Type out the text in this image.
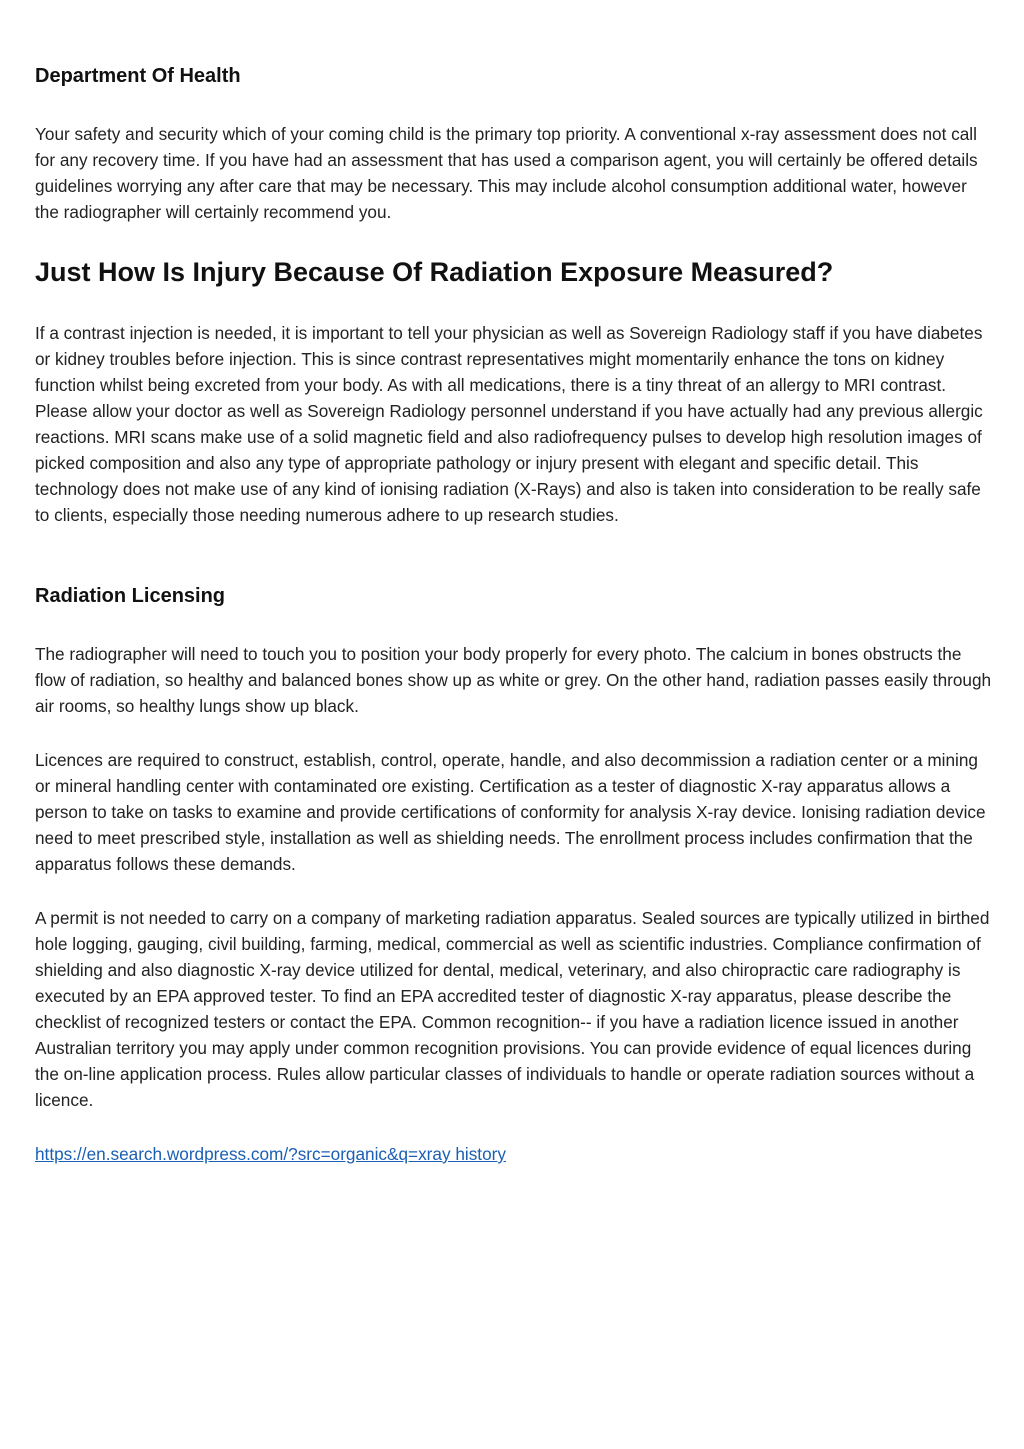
Department Of Health

Your safety and security which of your coming child is the primary top priority. A conventional x-ray assessment does not call for any recovery time. If you have had an assessment that has used a comparison agent, you will certainly be offered details guidelines worrying any after care that may be necessary. This may include alcohol consumption additional water, however the radiographer will certainly recommend you.

Just How Is Injury Because Of Radiation Exposure Measured?

If a contrast injection is needed, it is important to tell your physician as well as Sovereign Radiology staff if you have diabetes or kidney troubles before injection. This is since contrast representatives might momentarily enhance the tons on kidney function whilst being excreted from your body. As with all medications, there is a tiny threat of an allergy to MRI contrast. Please allow your doctor as well as Sovereign Radiology personnel understand if you have actually had any previous allergic reactions. MRI scans make use of a solid magnetic field and also radiofrequency pulses to develop high resolution images of picked composition and also any type of appropriate pathology or injury present with elegant and specific detail. This technology does not make use of any kind of ionising radiation (X-Rays) and also is taken into consideration to be really safe to clients, especially those needing numerous adhere to up research studies.

Radiation Licensing

The radiographer will need to touch you to position your body properly for every photo. The calcium in bones obstructs the flow of radiation, so healthy and balanced bones show up as white or grey. On the other hand, radiation passes easily through air rooms, so healthy lungs show up black.

Licences are required to construct, establish, control, operate, handle, and also decommission a radiation center or a mining or mineral handling center with contaminated ore existing. Certification as a tester of diagnostic X-ray apparatus allows a person to take on tasks to examine and provide certifications of conformity for analysis X-ray device. Ionising radiation device need to meet prescribed style, installation as well as shielding needs. The enrollment process includes confirmation that the apparatus follows these demands.

A permit is not needed to carry on a company of marketing radiation apparatus. Sealed sources are typically utilized in birthed hole logging, gauging, civil building, farming, medical, commercial as well as scientific industries. Compliance confirmation of shielding and also diagnostic X-ray device utilized for dental, medical, veterinary, and also chiropractic care radiography is executed by an EPA approved tester. To find an EPA accredited tester of diagnostic X-ray apparatus, please describe the checklist of recognized testers or contact the EPA. Common recognition-- if you have a radiation licence issued in another Australian territory you may apply under common recognition provisions. You can provide evidence of equal licences during the on-line application process. Rules allow particular classes of individuals to handle or operate radiation sources without a licence.

https://en.search.wordpress.com/?src=organic&q=xray history
